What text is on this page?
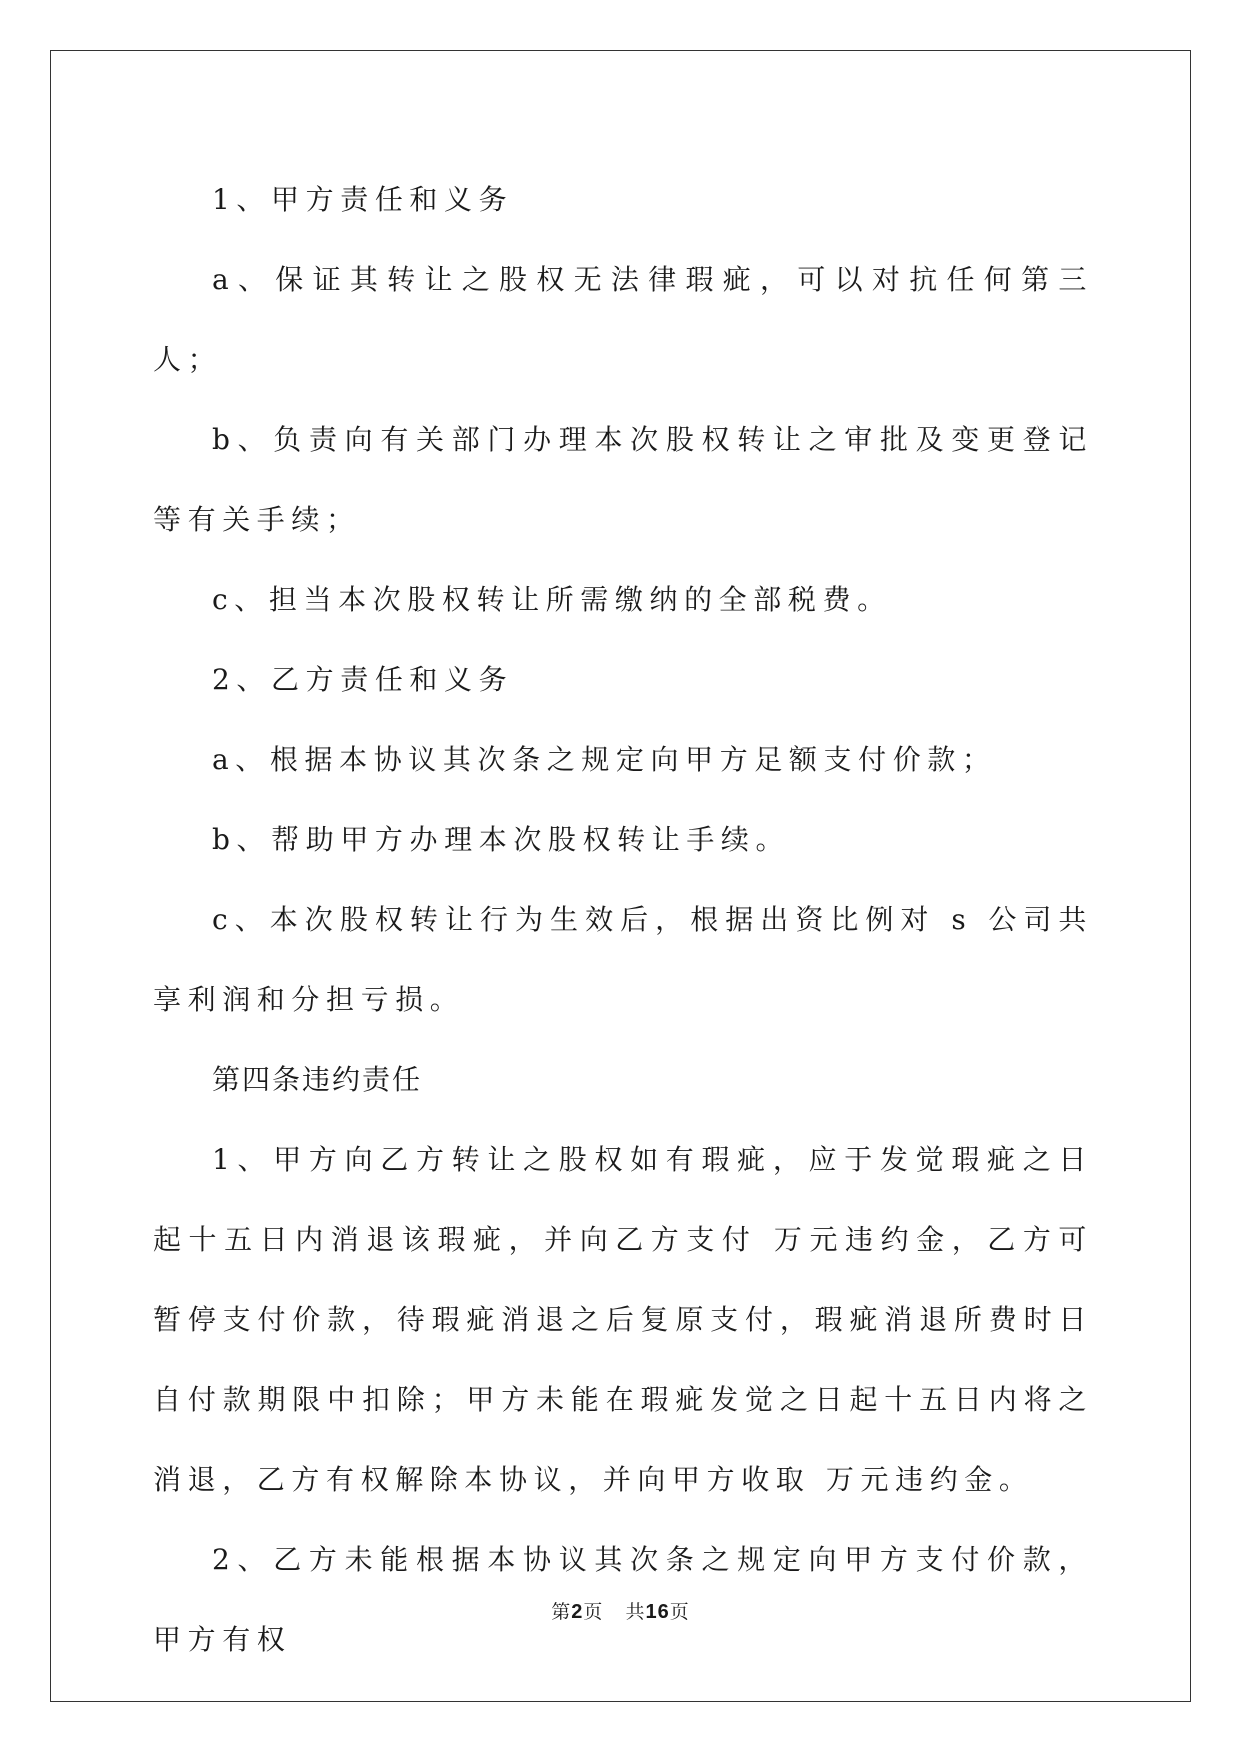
1、甲方责任和义务

a、保证其转让之股权无法律瑕疵，可以对抗任何第三人；

b、负责向有关部门办理本次股权转让之审批及变更登记等有关手续；

c、担当本次股权转让所需缴纳的全部税费。

2、乙方责任和义务

a、根据本协议其次条之规定向甲方足额支付价款；

b、帮助甲方办理本次股权转让手续。

c、本次股权转让行为生效后，根据出资比例对 s 公司共享利润和分担亏损。

第四条违约责任

1、甲方向乙方转让之股权如有瑕疵，应于发觉瑕疵之日起十五日内消退该瑕疵，并向乙方支付 万元违约金，乙方可暂停支付价款，待瑕疵消退之后复原支付，瑕疵消退所费时日自付款期限中扣除；甲方未能在瑕疵发觉之日起十五日内将之消退，乙方有权解除本协议，并向甲方收取 万元违约金。

2、乙方未能根据本协议其次条之规定向甲方支付价款，甲方有权

第2页 共16页
